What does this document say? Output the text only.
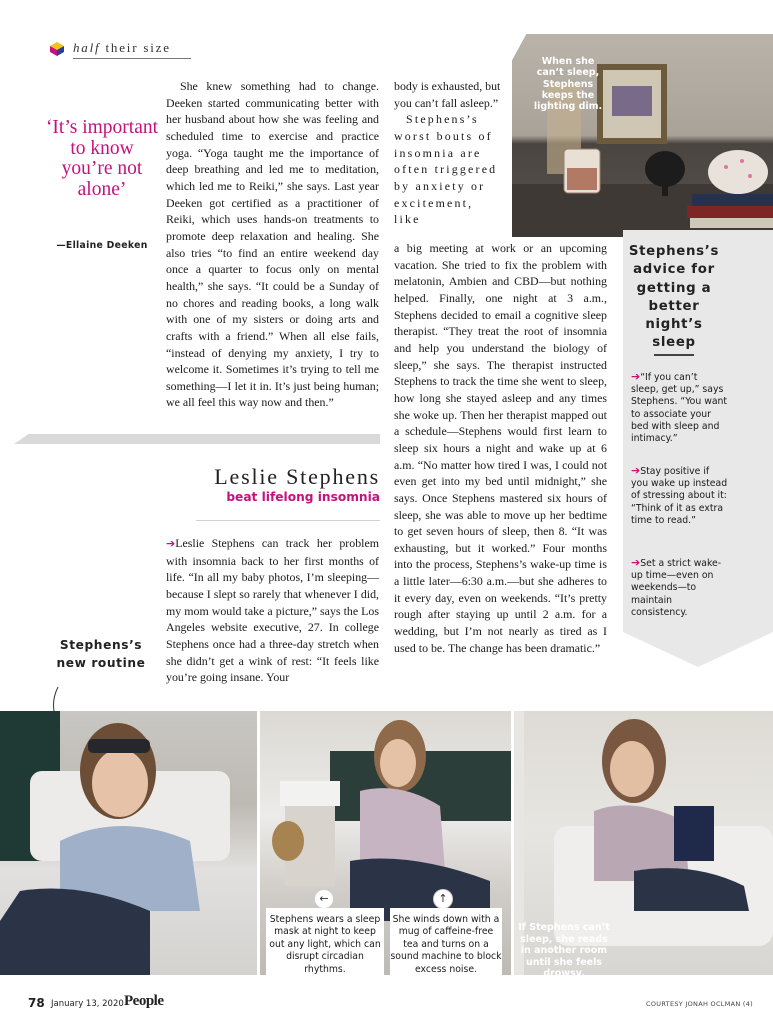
half their size
‘It’s important to know you’re not alone’
—Ellaine Deeken
She knew something had to change. Deeken started communicating better with her husband about how she was feeling and scheduled time to exercise and practice yoga. “Yoga taught me the importance of deep breathing and led me to meditation, which led me to Reiki,” she says. Last year Deeken got certified as a practitioner of Reiki, which uses hands-on treatments to promote deep relaxation and healing. She also tries “to find an entire weekend day once a quarter to focus only on mental health,” she says. “It could be a Sunday of no chores and reading books, a long walk with one of my sisters or doing arts and crafts with a friend.” When all else fails, “instead of denying my anxiety, I try to welcome it. Sometimes it’s trying to tell me something—I let it in. It’s just being human; we all feel this way now and then.”
Leslie Stephens
beat lifelong insomnia
➔Leslie Stephens can track her problem with insomnia back to her first months of life. “In all my baby photos, I’m sleeping—because I slept so rarely that whenever I did, my mom would take a picture,” says the Los Angeles website executive, 27. In college Stephens once had a three-day stretch when she didn’t get a wink of rest: “It feels like you’re going insane. Your
body is exhausted, but you can’t fall asleep.”
Stephens’s worst bouts of insomnia are often triggered by anxiety or excitement, like
a big meeting at work or an upcoming vacation. She tried to fix the problem with melatonin, Ambien and CBD—but nothing helped. Finally, one night at 3 a.m., Stephens decided to email a cognitive sleep therapist. “They treat the root of insomnia and help you understand the biology of sleep,” she says. The therapist instructed Stephens to track the time she went to sleep, how long she stayed asleep and any times she woke up. Then her therapist mapped out a schedule—Stephens would first learn to sleep six hours a night and wake up at 6 a.m. “No matter how tired I was, I could not even get into my bed until midnight,” she says. Once Stephens mastered six hours of sleep, she was able to move up her bedtime to get seven hours of sleep, then 8. “It was exhausting, but it worked.” Four months into the process, Stephens’s wake-up time is a little later—6:30 a.m.—but she adheres to it every day, even on weekends. “It’s pretty rough after staying up until 2 a.m. for a wedding, but I’m not nearly as tired as I used to be. The change has been dramatic.”
Stephens’s new routine
When she can’t sleep, Stephens keeps the lighting dim.
Stephens’s advice for getting a better night’s sleep
➔“If you can’t sleep, get up,” says Stephens. “You want to associate your bed with sleep and intimacy.”
➔Stay positive if you wake up instead of stressing about it: “Think of it as extra time to read.”
➔Set a strict wake-up time—even on weekends—to maintain consistency.
←	↑
Stephens wears a sleep mask at night to keep out any light, which can disrupt circadian rhythms.
She winds down with a mug of caffeine-free tea and turns on a sound machine to block excess noise.
If Stephens can’t sleep, she reads in another room until she feels drowsy.
78 January 13, 2020 People	COURTESY JONAH OCLMAN (4)
